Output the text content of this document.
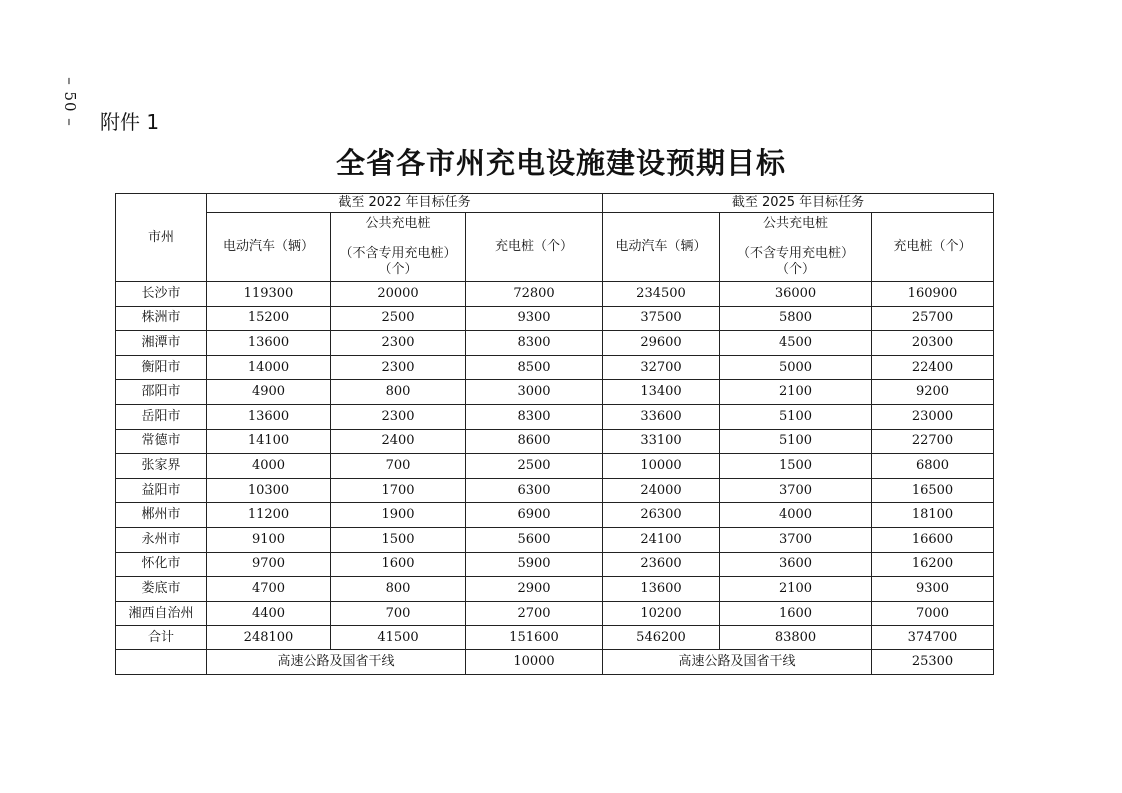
– 50 –	附件 1
全省各市州充电设施建设预期目标
市州	截至 2022 年目标任务			截至 2025 年目标任务		
	电动汽车（辆）	公共充电桩
（不含专用充电桩）
（个）	充电桩（个）	电动汽车（辆）	公共充电桩
（不含专用充电桩）
（个）	充电桩（个）
长沙市	119300	20000	72800	234500	36000	160900
株洲市	15200	2500	9300	37500	5800	25700
湘潭市	13600	2300	8300	29600	4500	20300
衡阳市	14000	2300	8500	32700	5000	22400
邵阳市	4900	800	3000	13400	2100	9200
岳阳市	13600	2300	8300	33600	5100	23000
常德市	14100	2400	8600	33100	5100	22700
张家界	4000	700	2500	10000	1500	6800
益阳市	10300	1700	6300	24000	3700	16500
郴州市	11200	1900	6900	26300	4000	18100
永州市	9100	1500	5600	24100	3700	16600
怀化市	9700	1600	5900	23600	3600	16200
娄底市	4700	800	2900	13600	2100	9300
湘西自治州	4400	700	2700	10200	1600	7000
合计	248100	41500	151600	546200	83800	374700
	高速公路及国省干线		10000	高速公路及国省干线		25300
